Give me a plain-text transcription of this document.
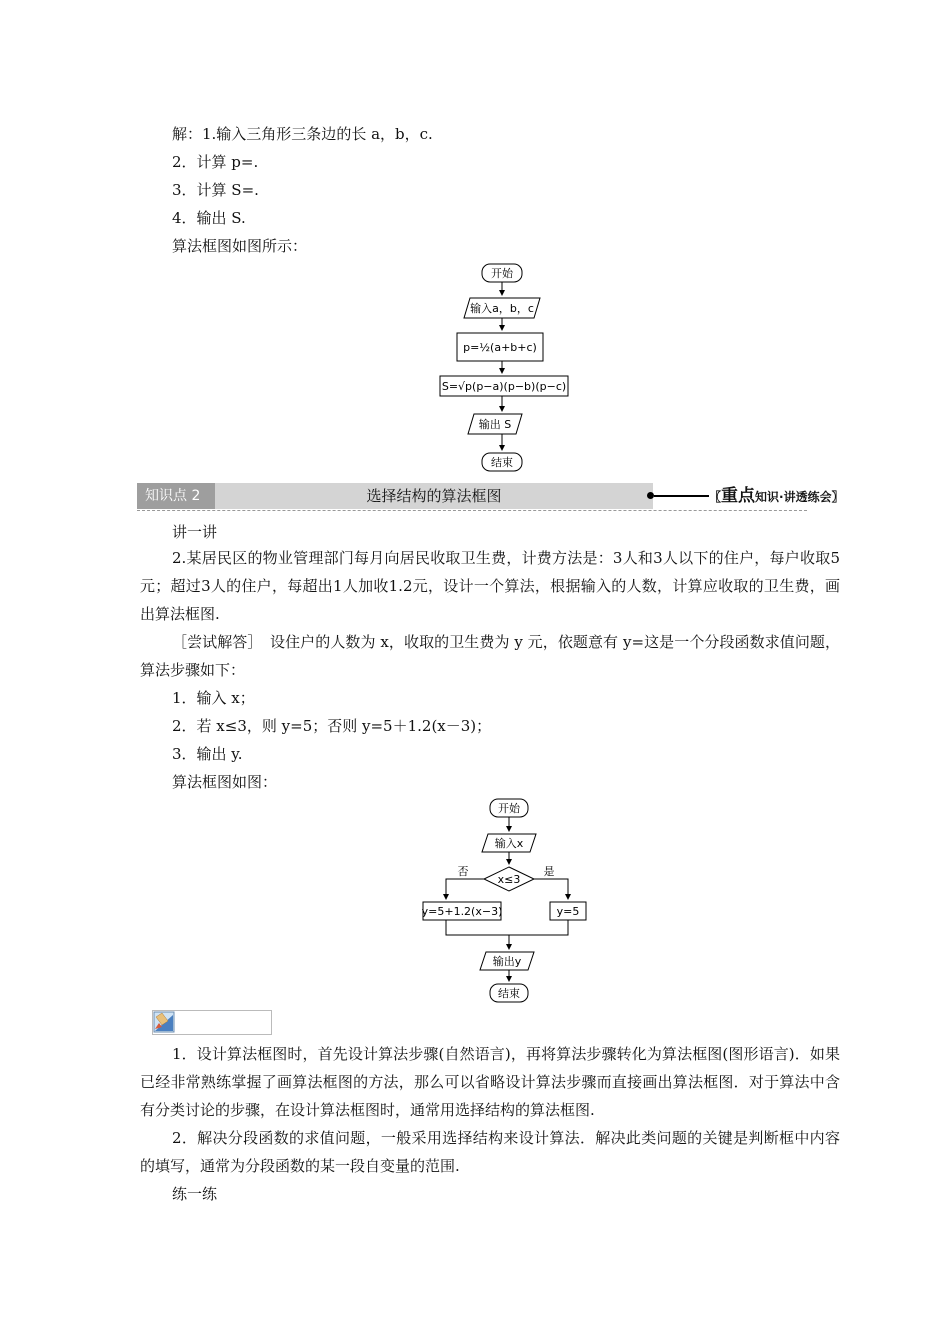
解：1.输入三角形三条边的长 a，b，c.
2．计算 p=.
3．计算 S=.
4．输出 S.
算法框图如图所示：
开始
输入a，b，c
p=½(a+b+c)
S=√p(p−a)(p−b)(p−c)
输出 S
结束
知识点 2	选择结构的算法框图	〖重点知识·讲透练会〗
讲一讲
2.某居民区的物业管理部门每月向居民收取卫生费，计费方法是：3人和3人以下的住户，每户收取5元；超过3人的住户，每超出1人加收1.2元，设计一个算法，根据输入的人数，计算应收取的卫生费，画出算法框图.
［尝试解答］　设住户的人数为 x，收取的卫生费为 y 元，依题意有 y=这是一个分段函数求值问题，算法步骤如下：
1．输入 x；
2．若 x≤3，则 y=5；否则 y=5＋1.2(x－3)；
3．输出 y.
算法框图如图：
开始
输入x
x≤3
否	是
y=5+1.2(x−3)	y=5
输出y
结束
1．设计算法框图时，首先设计算法步骤(自然语言)，再将算法步骤转化为算法框图(图形语言)．如果已经非常熟练掌握了画算法框图的方法，那么可以省略设计算法步骤而直接画出算法框图．对于算法中含有分类讨论的步骤，在设计算法框图时，通常用选择结构的算法框图.
2．解决分段函数的求值问题，一般采用选择结构来设计算法．解决此类问题的关键是判断框中内容的填写，通常为分段函数的某一段自变量的范围.
练一练
